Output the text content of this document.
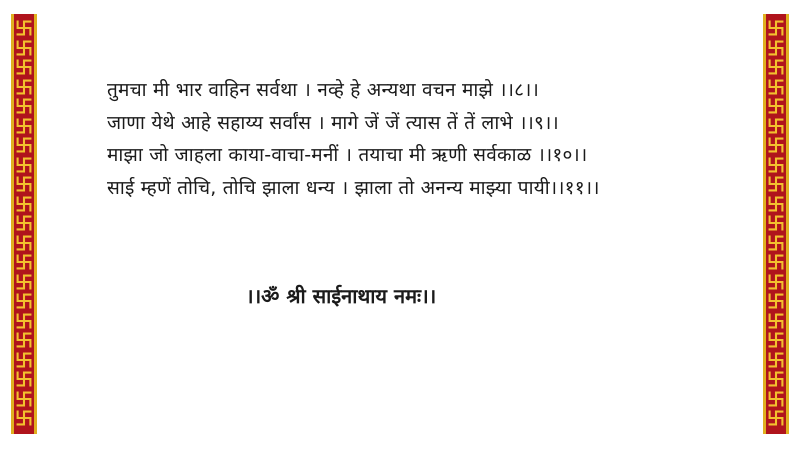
तुमचा मी भार वाहिन सर्वथा । नव्हे हे अन्यथा वचन माझे ।।८।।
जाणा येथे आहे सहाय्य सर्वांस । मागे जें जें त्यास तें तें लाभे ।।९।।
माझा जो जाहला काया-वाचा-मनीं । तयाचा मी ऋणी सर्वकाळ ।।१०।।
साई म्हणें तोचि, तोचि झाला धन्य । झाला तो अनन्य माझ्या पायी।।११।।
।।ॐ श्री साईनाथाय नमः।।
